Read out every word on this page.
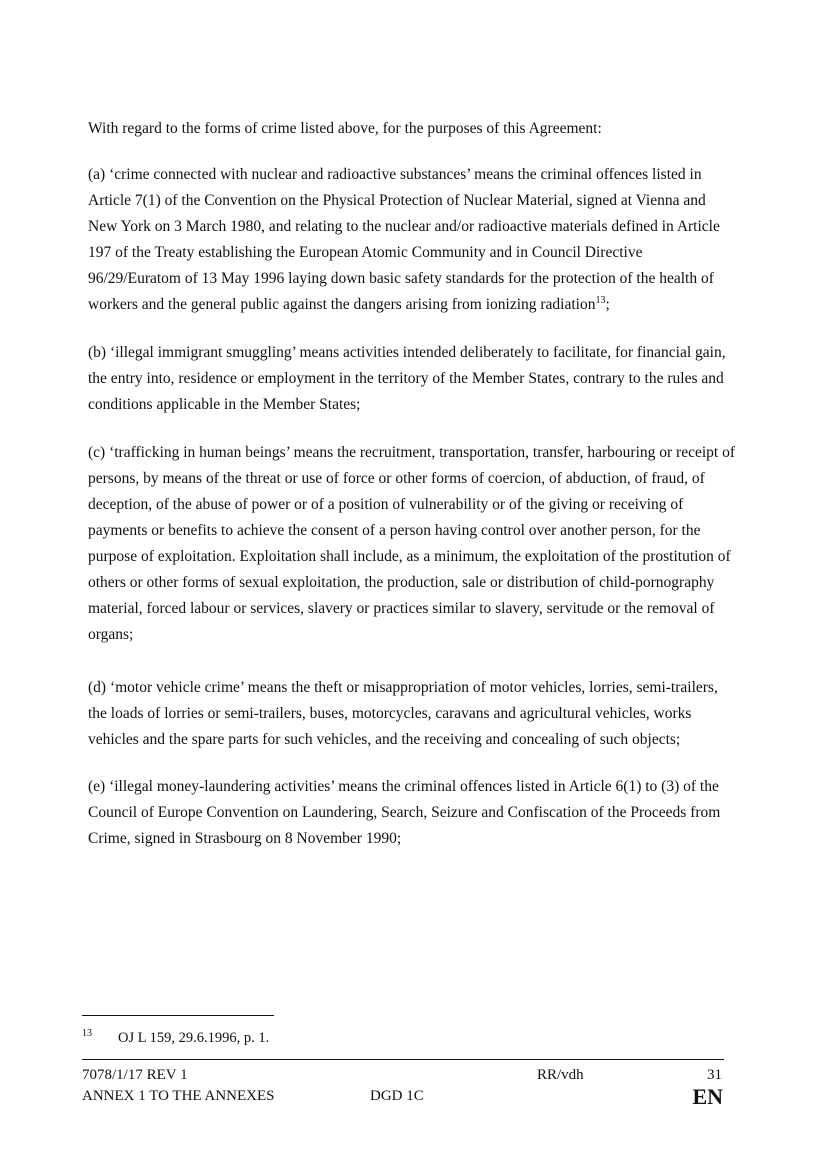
With regard to the forms of crime listed above, for the purposes of this Agreement:

(a) ‘crime connected with nuclear and radioactive substances’ means the criminal offences listed in Article 7(1) of the Convention on the Physical Protection of Nuclear Material, signed at Vienna and New York on 3 March 1980, and relating to the nuclear and/or radioactive materials defined in Article 197 of the Treaty establishing the European Atomic Community and in Council Directive 96/29/Euratom of 13 May 1996 laying down basic safety standards for the protection of the health of workers and the general public against the dangers arising from ionizing radiation$^{13}$;

(b) ‘illegal immigrant smuggling’ means activities intended deliberately to facilitate, for financial gain, the entry into, residence or employment in the territory of the Member States, contrary to the rules and conditions applicable in the Member States;

(c) ‘trafficking in human beings’ means the recruitment, transportation, transfer, harbouring or receipt of persons, by means of the threat or use of force or other forms of coercion, of abduction, of fraud, of deception, of the abuse of power or of a position of vulnerability or of the giving or receiving of payments or benefits to achieve the consent of a person having control over another person, for the purpose of exploitation. Exploitation shall include, as a minimum, the exploitation of the prostitution of others or other forms of sexual exploitation, the production, sale or distribution of child-pornography material, forced labour or services, slavery or practices similar to slavery, servitude or the removal of organs;

(d) ‘motor vehicle crime’ means the theft or misappropriation of motor vehicles, lorries, semi-trailers, the loads of lorries or semi-trailers, buses, motorcycles, caravans and agricultural vehicles, works vehicles and the spare parts for such vehicles, and the receiving and concealing of such objects;

(e) ‘illegal money-laundering activities’ means the criminal offences listed in Article 6(1) to (3) of the Council of Europe Convention on Laundering, Search, Seizure and Confiscation of the Proceeds from Crime, signed in Strasbourg on 8 November 1990;

13 OJ L 159, 29.6.1996, p. 1.
7078/1/17 REV 1
ANNEX 1 TO THE ANNEXES	DGD 1C
RR/vdh	31
EN
